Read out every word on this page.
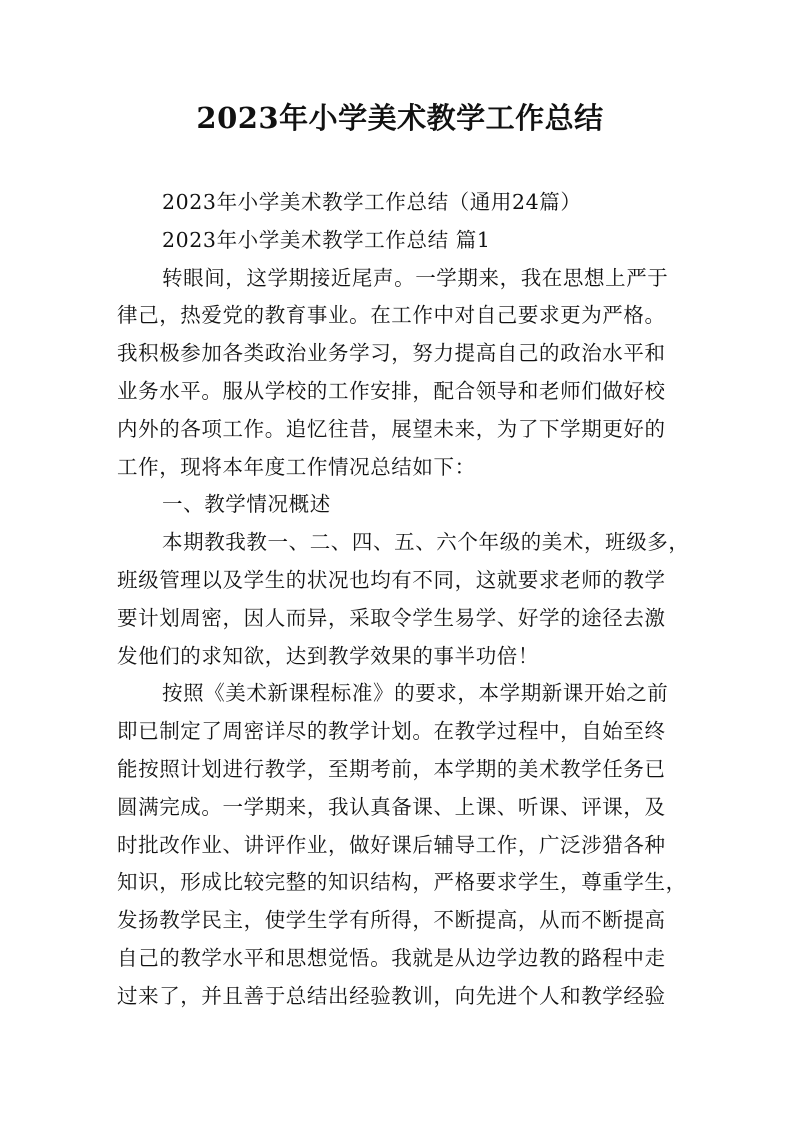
2023年小学美术教学工作总结
2023年小学美术教学工作总结（通用24篇）
2023年小学美术教学工作总结 篇1
转眼间，这学期接近尾声。一学期来，我在思想上严于
律己，热爱党的教育事业。在工作中对自己要求更为严格。
我积极参加各类政治业务学习，努力提高自己的政治水平和
业务水平。服从学校的工作安排，配合领导和老师们做好校
内外的各项工作。追忆往昔，展望未来，为了下学期更好的
工作，现将本年度工作情况总结如下：
一、教学情况概述
本期教我教一、二、四、五、六个年级的美术，班级多，
班级管理以及学生的状况也均有不同，这就要求老师的教学
要计划周密，因人而异，采取令学生易学、好学的途径去激
发他们的求知欲，达到教学效果的事半功倍！
按照《美术新课程标准》的要求，本学期新课开始之前
即已制定了周密详尽的教学计划。在教学过程中，自始至终
能按照计划进行教学，至期考前，本学期的美术教学任务已
圆满完成。一学期来，我认真备课、上课、听课、评课，及
时批改作业、讲评作业，做好课后辅导工作，广泛涉猎各种
知识，形成比较完整的知识结构，严格要求学生，尊重学生，
发扬教学民主，使学生学有所得，不断提高，从而不断提高
自己的教学水平和思想觉悟。我就是从边学边教的路程中走
过来了，并且善于总结出经验教训，向先进个人和教学经验
